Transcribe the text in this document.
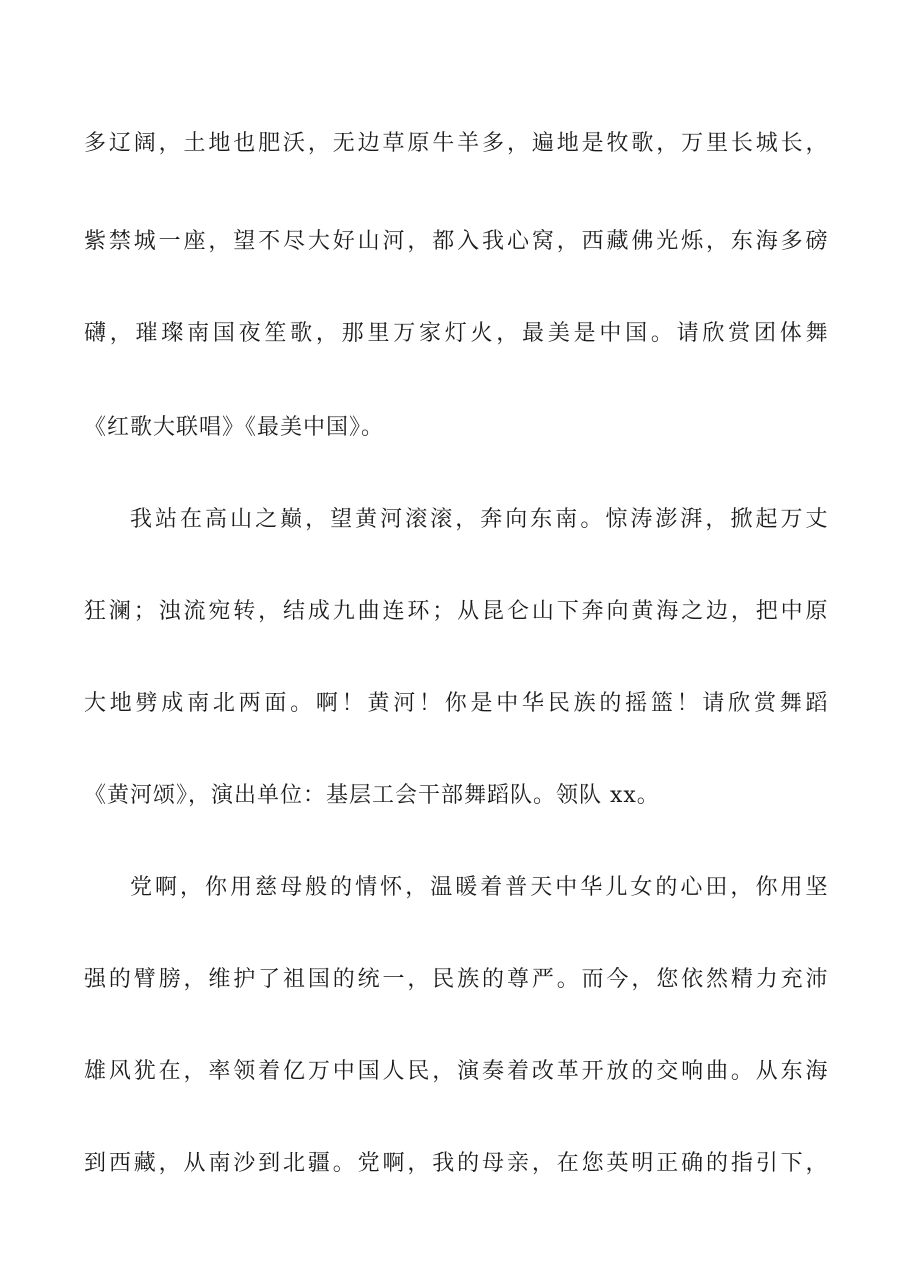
多辽阔，土地也肥沃，无边草原牛羊多，遍地是牧歌，万里长城长，
紫禁城一座，望不尽大好山河，都入我心窝，西藏佛光烁，东海多磅
礴，璀璨南国夜笙歌，那里万家灯火，最美是中国。请欣赏团体舞
《红歌大联唱》《最美中国》。
我站在高山之巅，望黄河滚滚，奔向东南。惊涛澎湃，掀起万丈
狂澜；浊流宛转，结成九曲连环；从昆仑山下奔向黄海之边，把中原
大地劈成南北两面。啊！黄河！你是中华民族的摇篮！请欣赏舞蹈
《黄河颂》，演出单位：基层工会干部舞蹈队。领队 xx。
党啊，你用慈母般的情怀，温暖着普天中华儿女的心田，你用坚
强的臂膀，维护了祖国的统一，民族的尊严。而今，您依然精力充沛
雄风犹在，率领着亿万中国人民，演奏着改革开放的交响曲。从东海
到西藏，从南沙到北疆。党啊，我的母亲，在您英明正确的指引下，
